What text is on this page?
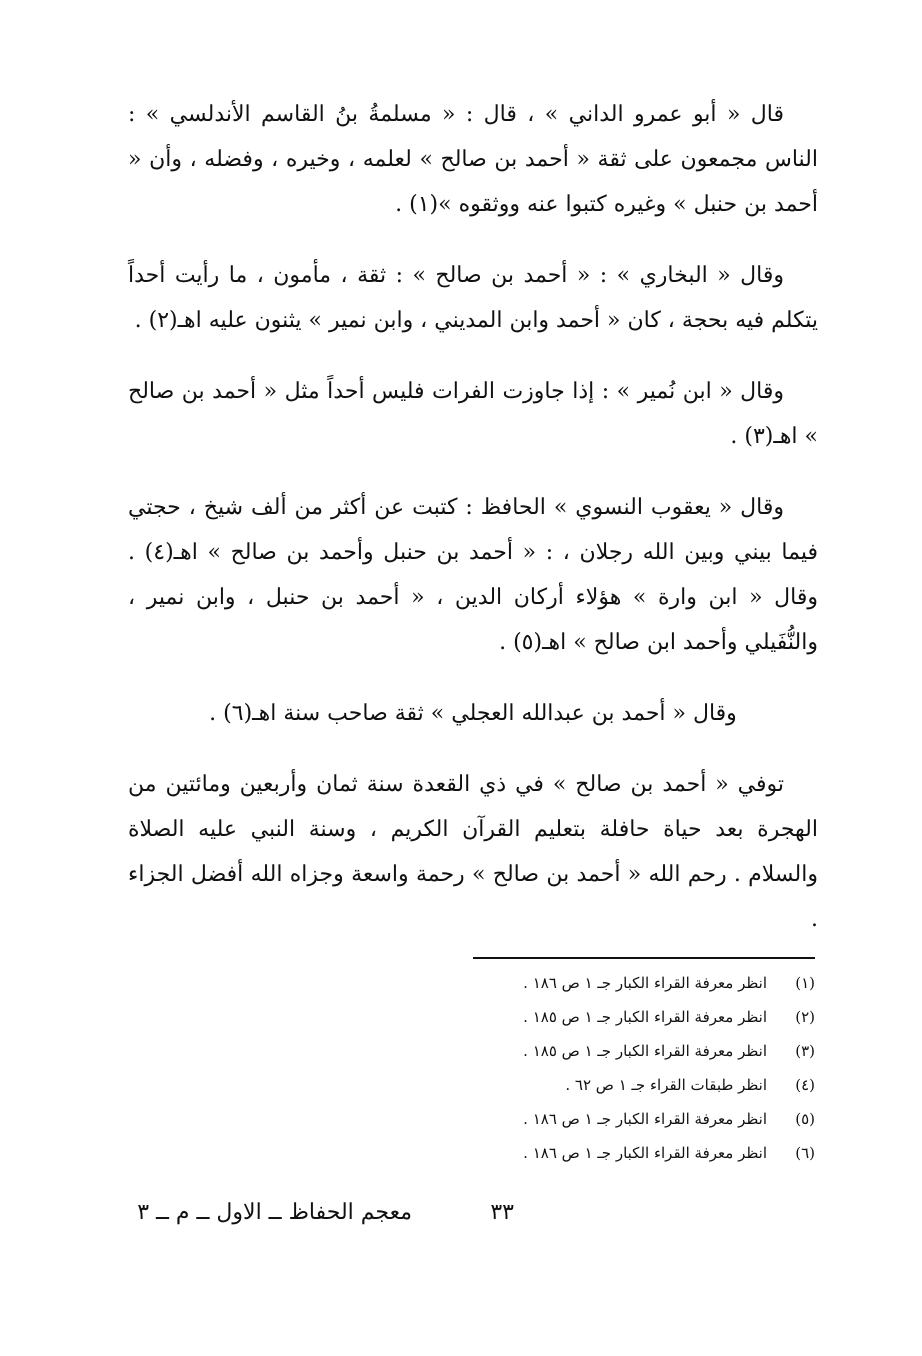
قال « أبو عمرو الداني » ، قال : « مسلمةُ بنُ القاسم الأندلسي » : الناس مجمعون على ثقة « أحمد بن صالح » لعلمه ، وخيره ، وفضله ، وأن « أحمد بن حنبل » وغيره كتبوا عنه ووثقوه »(١) .

وقال « البخاري » : « أحمد بن صالح » : ثقة ، مأمون ، ما رأيت أحداً يتكلم فيه بحجة ، كان « أحمد وابن المديني ، وابن نمير » يثنون عليه اهـ(٢) .

وقال « ابن نُمير » : إذا جاوزت الفرات فليس أحداً مثل « أحمد بن صالح » اهـ(٣) .

وقال « يعقوب النسوي » الحافظ : كتبت عن أكثر من ألف شيخ ، حجتي فيما بيني وبين الله رجلان ، : « أحمد بن حنبل وأحمد بن صالح » اهـ(٤) . وقال « ابن وارة » هؤلاء أركان الدين ، « أحمد بن حنبل ، وابن نمير ، والنُّفَيلي وأحمد ابن صالح » اهـ(٥) .

وقال « أحمد بن عبدالله العجلي » ثقة صاحب سنة اهـ(٦) .

توفي « أحمد بن صالح » في ذي القعدة سنة ثمان وأربعين ومائتين من الهجرة بعد حياة حافلة بتعليم القرآن الكريم ، وسنة النبي عليه الصلاة والسلام . رحم الله « أحمد بن صالح » رحمة واسعة وجزاه الله أفضل الجزاء .

(١)
انظر معرفة القراء الكبار جـ ١ ص ١٨٦ .
(٢)
انظر معرفة القراء الكبار جـ ١ ص ١٨٥ .
(٣)
انظر معرفة القراء الكبار جـ ١ ص ١٨٥ .
(٤)
انظر طبقات القراء جـ ١ ص ٦٢ .
(٥)
انظر معرفة القراء الكبار جـ ١ ص ١٨٦ .
(٦)
انظر معرفة القراء الكبار جـ ١ ص ١٨٦ .
٣٣
معجم الحفاظ ــ الاول ــ م ــ ٣
